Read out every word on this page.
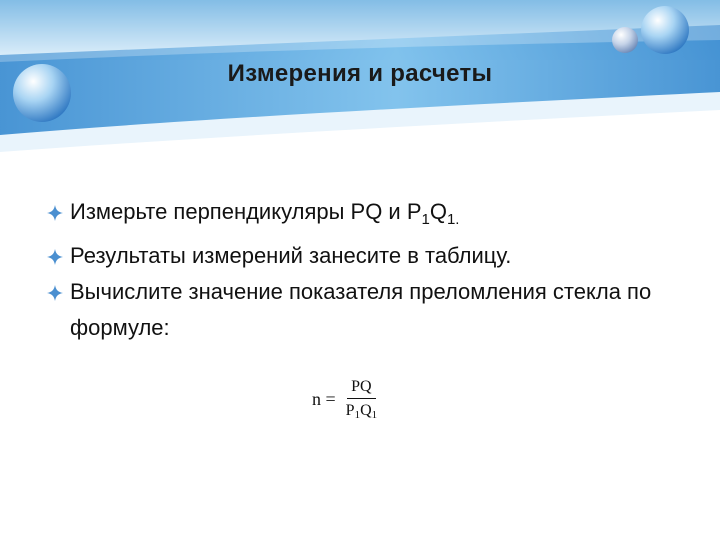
Измерения и расчеты
Измерьте перпендикуляры PQ и $P_1Q_{1.}$
Результаты измерений занесите в таблицу.
Вычислите значение показателя преломления стекла по формуле:
$n = \frac{PQ}{P1Q1}$
